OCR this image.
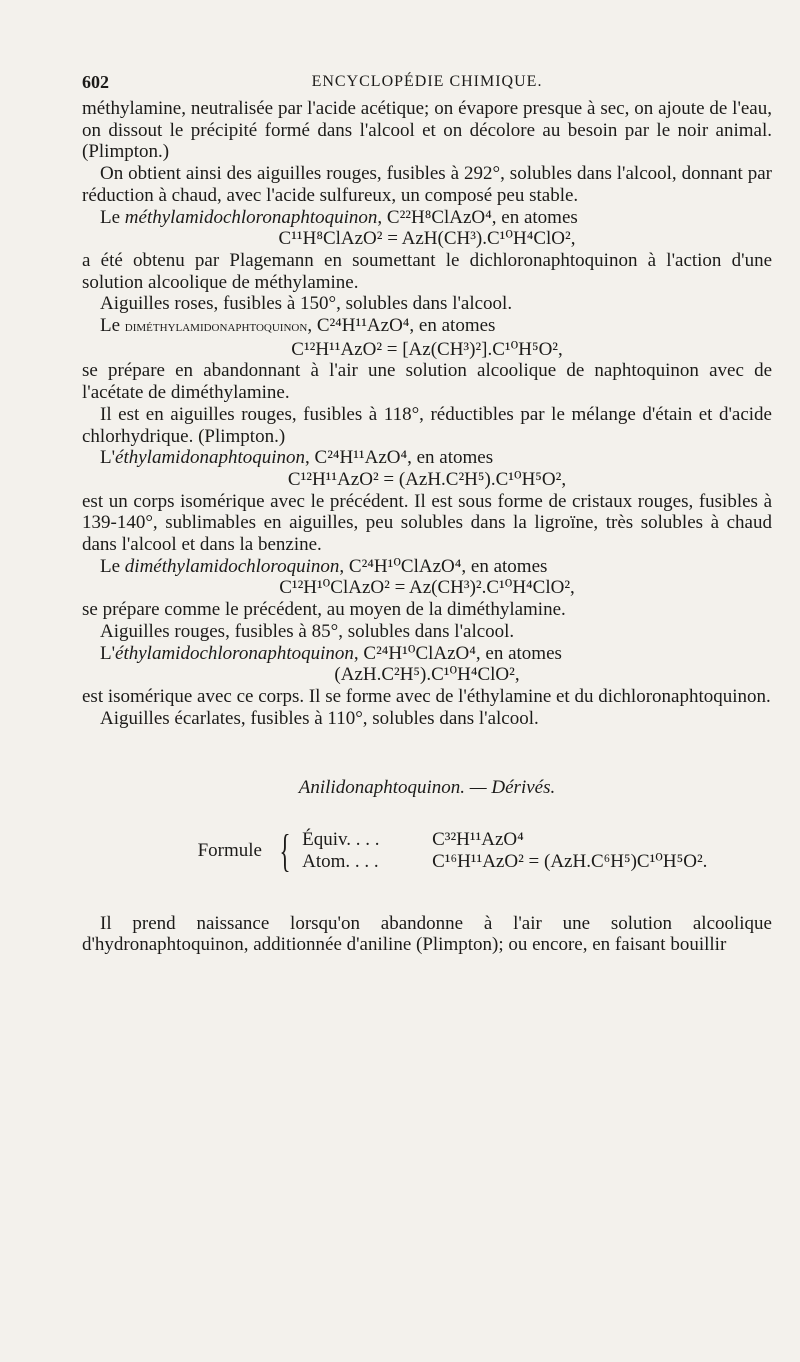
602	ENCYCLOPÉDIE CHIMIQUE.

méthylamine, neutralisée par l'acide acétique; on évapore presque à sec, on ajoute de l'eau, on dissout le précipité formé dans l'alcool et on décolore au besoin par le noir animal. (Plimpton.)

On obtient ainsi des aiguilles rouges, fusibles à 292°, solubles dans l'alcool, donnant par réduction à chaud, avec l'acide sulfureux, un composé peu stable.

Le méthylamidochloronaphtoquinon, C²²H⁸ClAzO⁴, en atomes

C¹¹H⁸ClAzO² = AzH(CH³).C¹⁰H⁴ClO²,

a été obtenu par Plagemann en soumettant le dichloronaphtoquinon à l'action d'une solution alcoolique de méthylamine.

Aiguilles roses, fusibles à 150°, solubles dans l'alcool.

Le diméthylamidonaphtoquinon, C²⁴H¹¹AzO⁴, en atomes

C¹²H¹¹AzO² = [Az(CH³)²].C¹⁰H⁵O²,

se prépare en abandonnant à l'air une solution alcoolique de naphtoquinon avec de l'acétate de diméthylamine.

Il est en aiguilles rouges, fusibles à 118°, réductibles par le mélange d'étain et d'acide chlorhydrique. (Plimpton.)

L'éthylamidonaphtoquinon, C²⁴H¹¹AzO⁴, en atomes

C¹²H¹¹AzO² = (AzH.C²H⁵).C¹⁰H⁵O²,

est un corps isomérique avec le précédent. Il est sous forme de cristaux rouges, fusibles à 139-140°, sublimables en aiguilles, peu solubles dans la ligroïne, très solubles à chaud dans l'alcool et dans la benzine.

Le diméthylamidochloroquinon, C²⁴H¹⁰ClAzO⁴, en atomes

C¹²H¹⁰ClAzO² = Az(CH³)².C¹⁰H⁴ClO²,

se prépare comme le précédent, au moyen de la diméthylamine.

Aiguilles rouges, fusibles à 85°, solubles dans l'alcool.

L'éthylamidochloronaphtoquinon, C²⁴H¹⁰ClAzO⁴, en atomes

(AzH.C²H⁵).C¹⁰H⁴ClO²,

est isomérique avec ce corps. Il se forme avec de l'éthylamine et du dichloronaphtoquinon.

Aiguilles écarlates, fusibles à 110°, solubles dans l'alcool.

Anilidonaphtoquinon. — Dérivés.

Formule { Équiv. . . .	C³²H¹¹AzO⁴
Atom. . . .	C¹⁶H¹¹AzO² = (AzH.C⁶H⁵)C¹⁰H⁵O².

Il prend naissance lorsqu'on abandonne à l'air une solution alcoolique d'hydronaphtoquinon, additionnée d'aniline (Plimpton); ou encore, en faisant bouillir
